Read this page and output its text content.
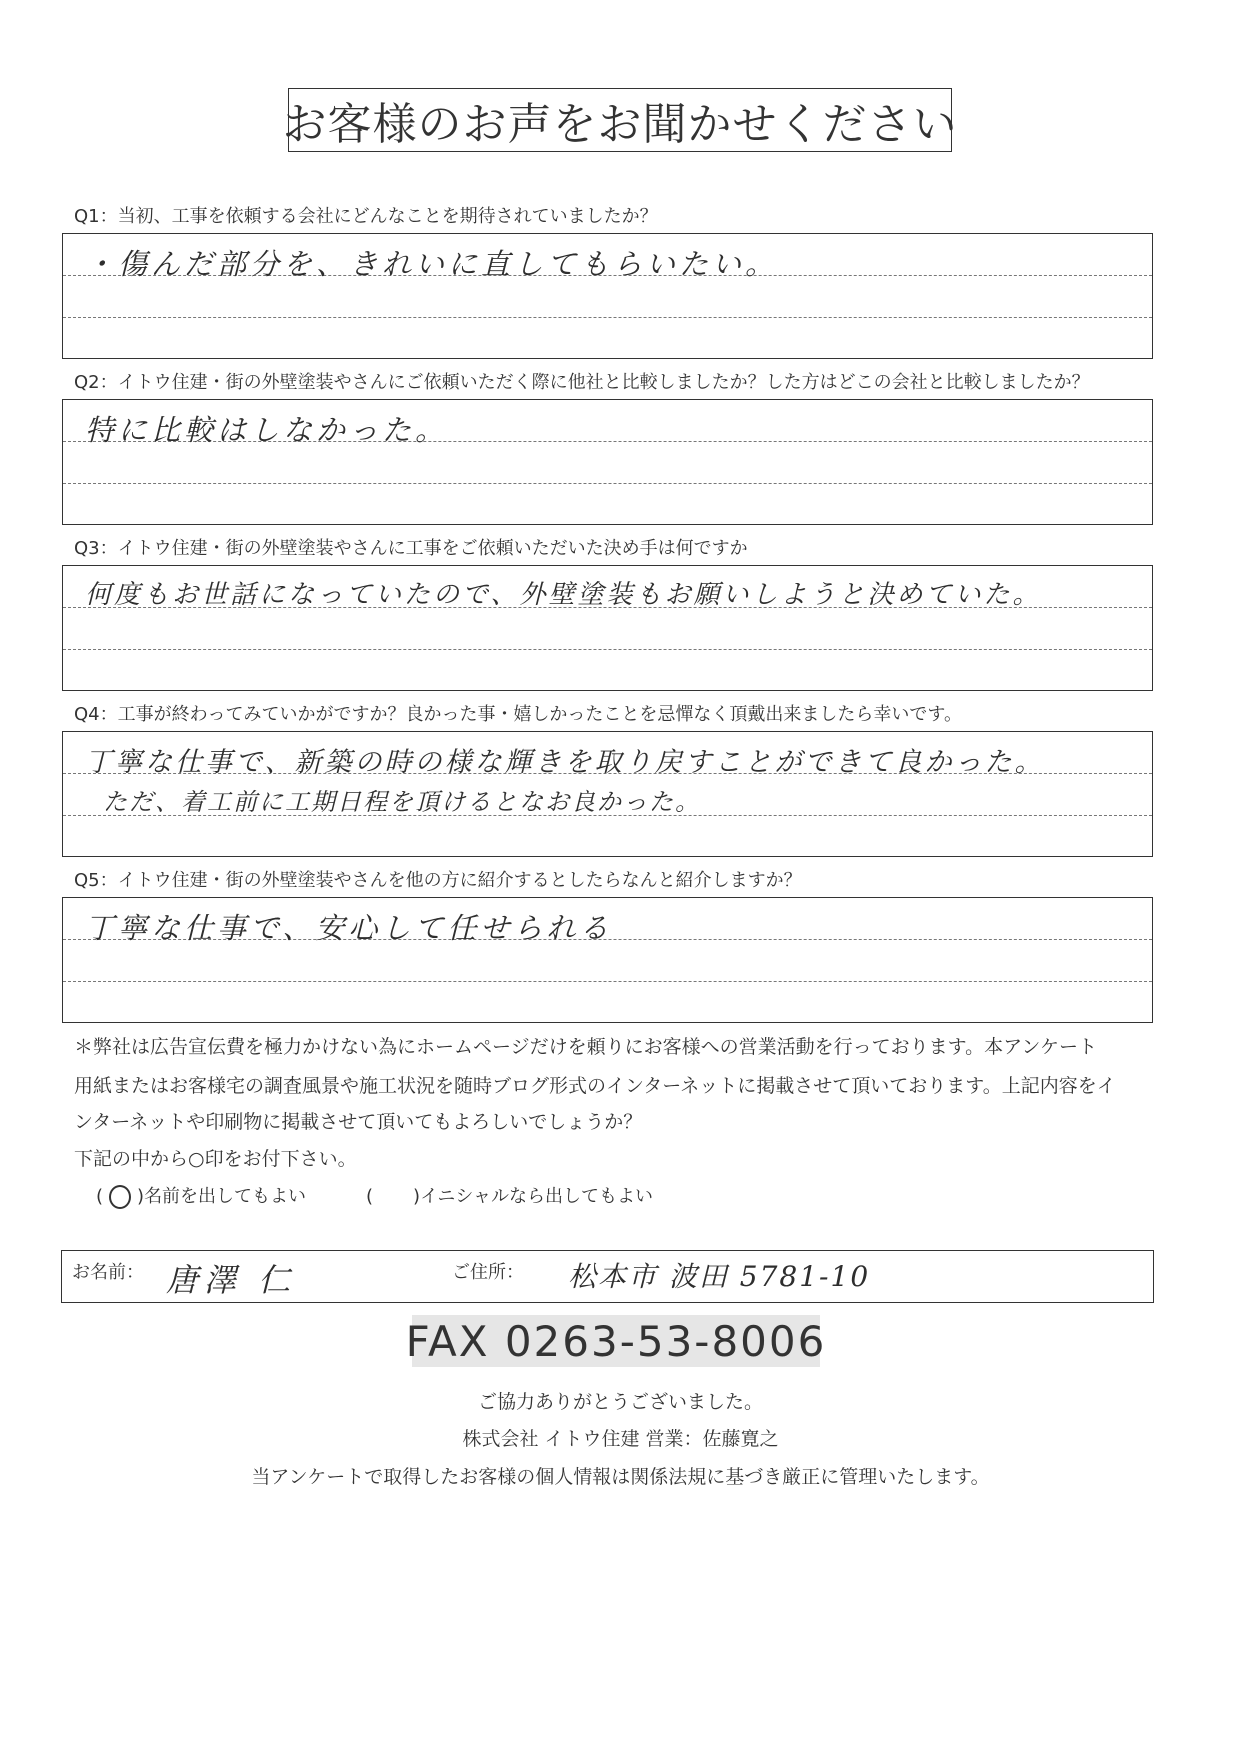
お客様のお声をお聞かせください
Q1：当初、工事を依頼する会社にどんなことを期待されていましたか？
・傷んだ部分を、きれいに直してもらいたい。
Q2：イトウ住建・街の外壁塗装やさんにご依頼いただく際に他社と比較しましたか？した方はどこの会社と比較しましたか？
特に比較はしなかった。
Q3：イトウ住建・街の外壁塗装やさんに工事をご依頼いただいた決め手は何ですか
何度もお世話になっていたので、外壁塗装もお願いしようと決めていた。
Q4：工事が終わってみていかがですか？良かった事・嬉しかったことを忌憚なく頂戴出来ましたら幸いです。
丁寧な仕事で、新築の時の様な輝きを取り戻すことができて良かった。
ただ、着工前に工期日程を頂けるとなお良かった。
Q5：イトウ住建・街の外壁塗装やさんを他の方に紹介するとしたらなんと紹介しますか？
丁寧な仕事で、安心して任せられる
＊弊社は広告宣伝費を極力かけない為にホームページだけを頼りにお客様への営業活動を行っております。本アンケート
用紙またはお客様宅の調査風景や施工状況を随時ブログ形式のインターネットに掲載させて頂いております。上記内容をイ
ンターネットや印刷物に掲載させて頂いてもよろしいでしょうか？
下記の中から○印をお付下さい。
( )名前を出してもよい	( )イニシャルなら出してもよい
お名前： 唐澤 仁	ご住所： 松本市 波田 5781-10
FAX 0263-53-8006
ご協力ありがとうございました。
株式会社 イトウ住建 営業：佐藤寛之
当アンケートで取得したお客様の個人情報は関係法規に基づき厳正に管理いたします。
